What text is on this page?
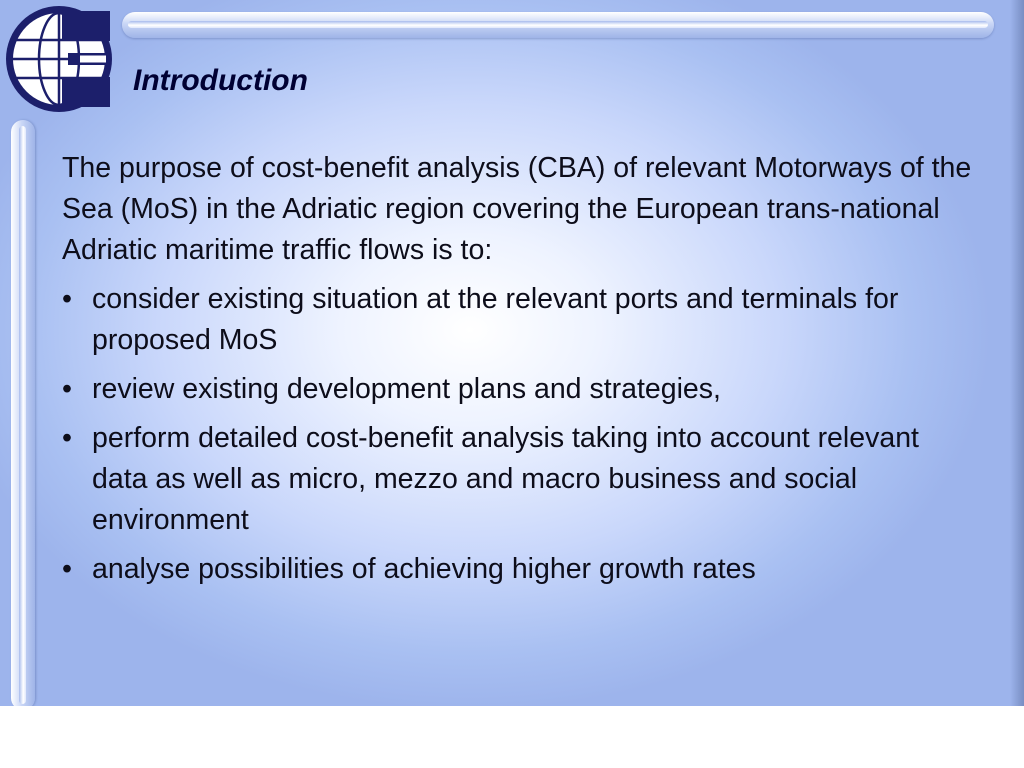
Introduction

The purpose of cost-benefit analysis (CBA) of relevant Motorways of the Sea (MoS) in the Adriatic region covering the European trans-national Adriatic maritime traffic flows is to:

• consider existing situation at the relevant ports and terminals for proposed MoS
• review existing development plans and strategies,
• perform detailed cost-benefit analysis taking into account relevant data as well as micro, mezzo and macro business and social environment
• analyse possibilities of achieving higher growth rates
